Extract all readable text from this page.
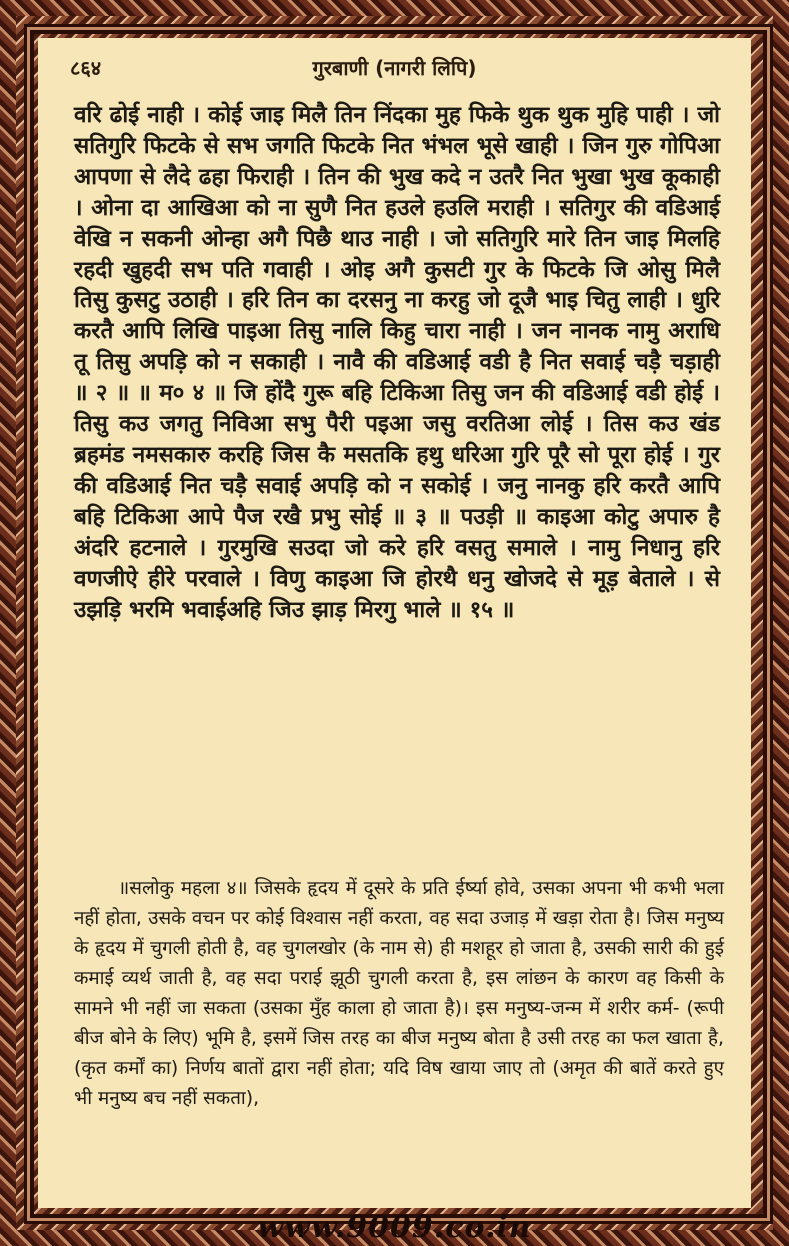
८६४	गुरबाणी (नागरी लिपि)

वरि ढोई नाही । कोई जाइ मिलै तिन निंदका मुह फिके थुक थुक मुहि पाही । जो सतिगुरि फिटके से सभ जगति फिटके नित भंभल भूसे खाही । जिन गुरु गोपिआ आपणा से लैदे ढहा फिराही । तिन की भुख कदे न उतरै नित भुखा भुख कूकाही । ओना दा आखिआ को ना सुणै नित हउले हउलि मराही । सतिगुर की वडिआई वेखि न सकनी ओन्हा अगै पिछै थाउ नाही । जो सतिगुरि मारे तिन जाइ मिलहि रहदी खुहदी सभ पति गवाही । ओइ अगै कुसटी गुर के फिटके जि ओसु मिलै तिसु कुसटु उठाही । हरि तिन का दरसनु ना करहु जो दूजै भाइ चितु लाही । धुरि करतै आपि लिखि पाइआ तिसु नालि किहु चारा नाही । जन नानक नामु अराधि तू तिसु अपड़ि को न सकाही । नावै की वडिआई वडी है नित सवाई चड़ै चड़ाही ॥ २ ॥ ॥ म० ४ ॥ जि होंदै गुरू बहि टिकिआ तिसु जन की वडिआई वडी होई । तिसु कउ जगतु निविआ सभु पैरी पइआ जसु वरतिआ लोई । तिस कउ खंड ब्रहमंड नमसकारु करहि जिस कै मसतकि हथु धरिआ गुरि पूरै सो पूरा होई । गुर की वडिआई नित चड़ै सवाई अपड़ि को न सकोई । जनु नानकु हरि करतै आपि बहि टिकिआ आपे पैज रखै प्रभु सोई ॥ ३ ॥ पउड़ी ॥ काइआ कोटु अपारु है अंदरि हटनाले । गुरमुखि सउदा जो करे हरि वसतु समाले । नामु निधानु हरि वणजीऐ हीरे परवाले । विणु काइआ जि होरथै धनु खोजदे से मूड़ बेताले । से उझड़ि भरमि भवाईअहि जिउ झाड़ मिरगु भाले ॥ १५ ॥

॥सलोकु महला ४॥ जिसके हृदय में दूसरे के प्रति ईर्ष्या होवे, उसका अपना भी कभी भला नहीं होता, उसके वचन पर कोई विश्वास नहीं करता, वह सदा उजाड़ में खड़ा रोता है। जिस मनुष्य के हृदय में चुगली होती है, वह चुगलखोर (के नाम से) ही मशहूर हो जाता है, उसकी सारी की हुई कमाई व्यर्थ जाती है, वह सदा पराई झूठी चुगली करता है, इस लांछन के कारण वह किसी के सामने भी नहीं जा सकता (उसका मुँह काला हो जाता है)। इस मनुष्य-जन्म में शरीर कर्म- (रूपी बीज बोने के लिए) भूमि है, इसमें जिस तरह का बीज मनुष्य बोता है उसी तरह का फल खाता है, (कृत कर्मों का) निर्णय बातों द्वारा नहीं होता; यदि विष खाया जाए तो (अमृत की बातें करते हुए भी मनुष्य बच नहीं सकता),

www.9009.co.in
